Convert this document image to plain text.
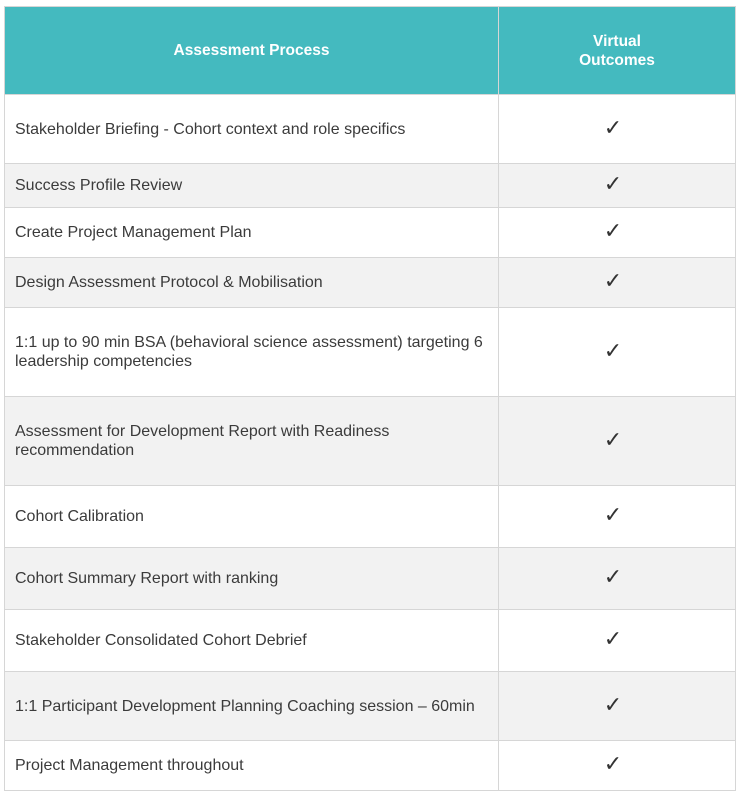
Assessment Process	Virtual Outcomes

Stakeholder Briefing - Cohort context and role specifics	✓
Success Profile Review	✓
Create Project Management Plan	✓
Design Assessment Protocol & Mobilisation	✓
1:1 up to 90 min BSA (behavioral science assessment) targeting 6 leadership competencies	✓
Assessment for Development Report with Readiness recommendation	✓
Cohort Calibration	✓
Cohort Summary Report with ranking	✓
Stakeholder Consolidated Cohort Debrief	✓
1:1 Participant Development Planning Coaching session – 60min	✓
Project Management throughout	✓
